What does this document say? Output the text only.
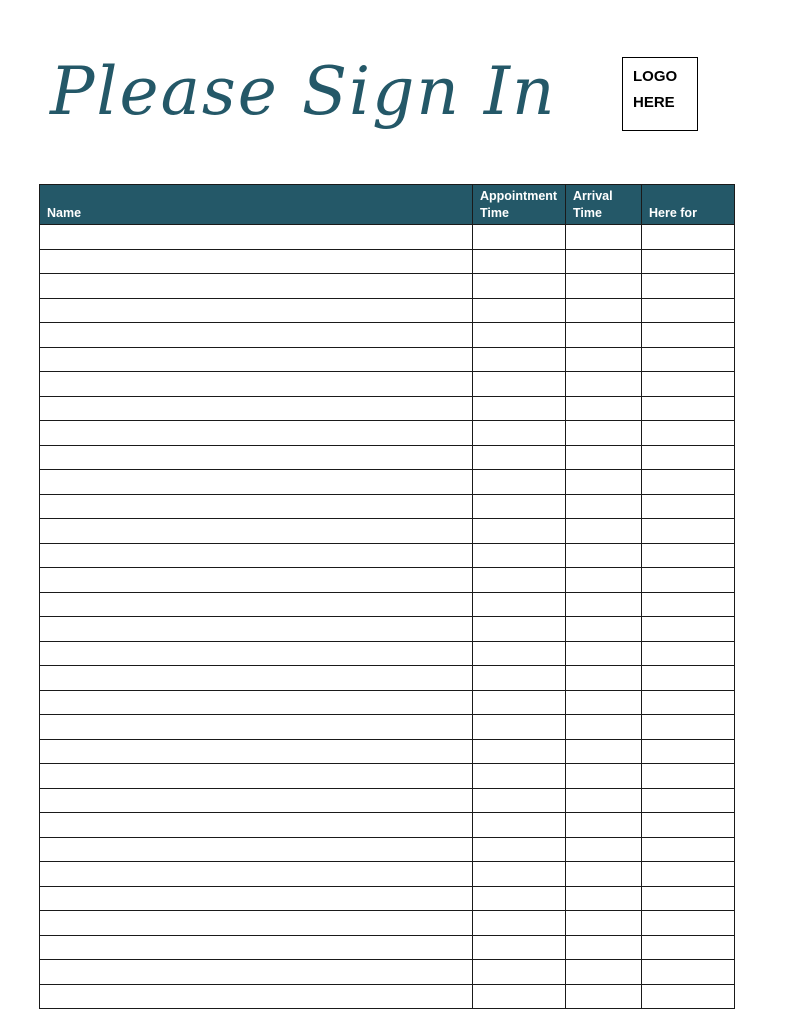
Please Sign In	LOGO
HERE
Name	Appointment Time	Arrival Time	Here for
